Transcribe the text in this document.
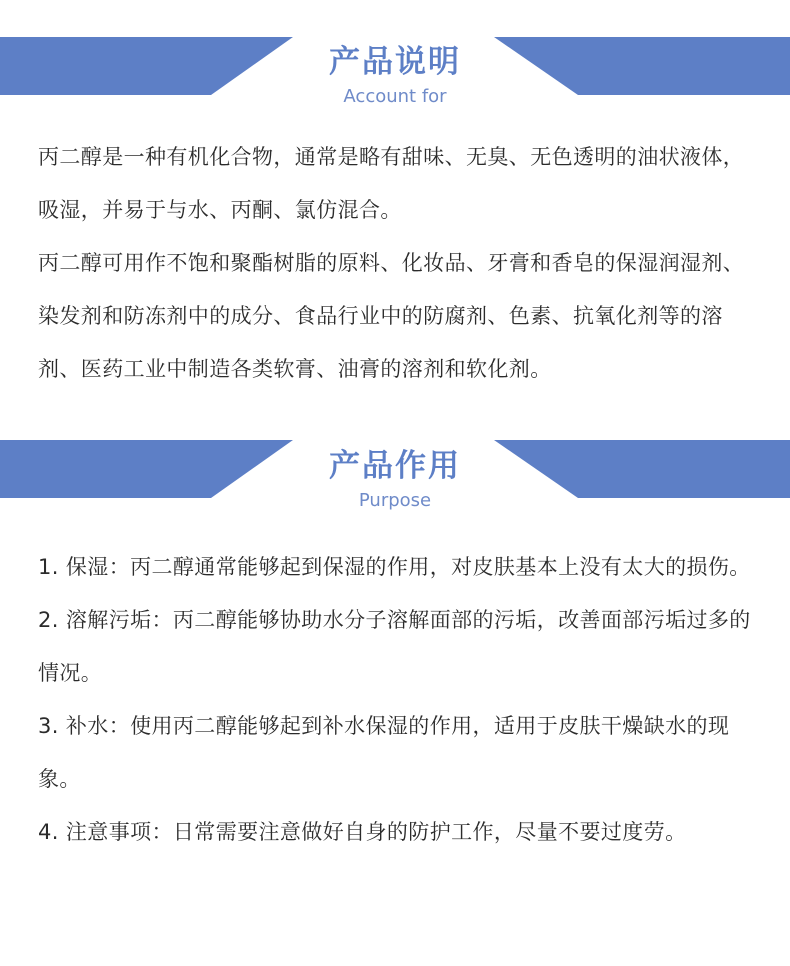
产品说明
Account for

丙二醇是一种有机化合物，通常是略有甜味、无臭、无色透明的油状液体，吸湿，并易于与水、丙酮、氯仿混合。

丙二醇可用作不饱和聚酯树脂的原料、化妆品、牙膏和香皂的保湿润湿剂、染发剂和防冻剂中的成分、食品行业中的防腐剂、色素、抗氧化剂等的溶剂、医药工业中制造各类软膏、油膏的溶剂和软化剂。

产品作用
Purpose

1. 保湿：丙二醇通常能够起到保湿的作用，对皮肤基本上没有太大的损伤。

2. 溶解污垢：丙二醇能够协助水分子溶解面部的污垢，改善面部污垢过多的情况。

3. 补水：使用丙二醇能够起到补水保湿的作用，适用于皮肤干燥缺水的现象。

4. 注意事项：日常需要注意做好自身的防护工作，尽量不要过度劳。
